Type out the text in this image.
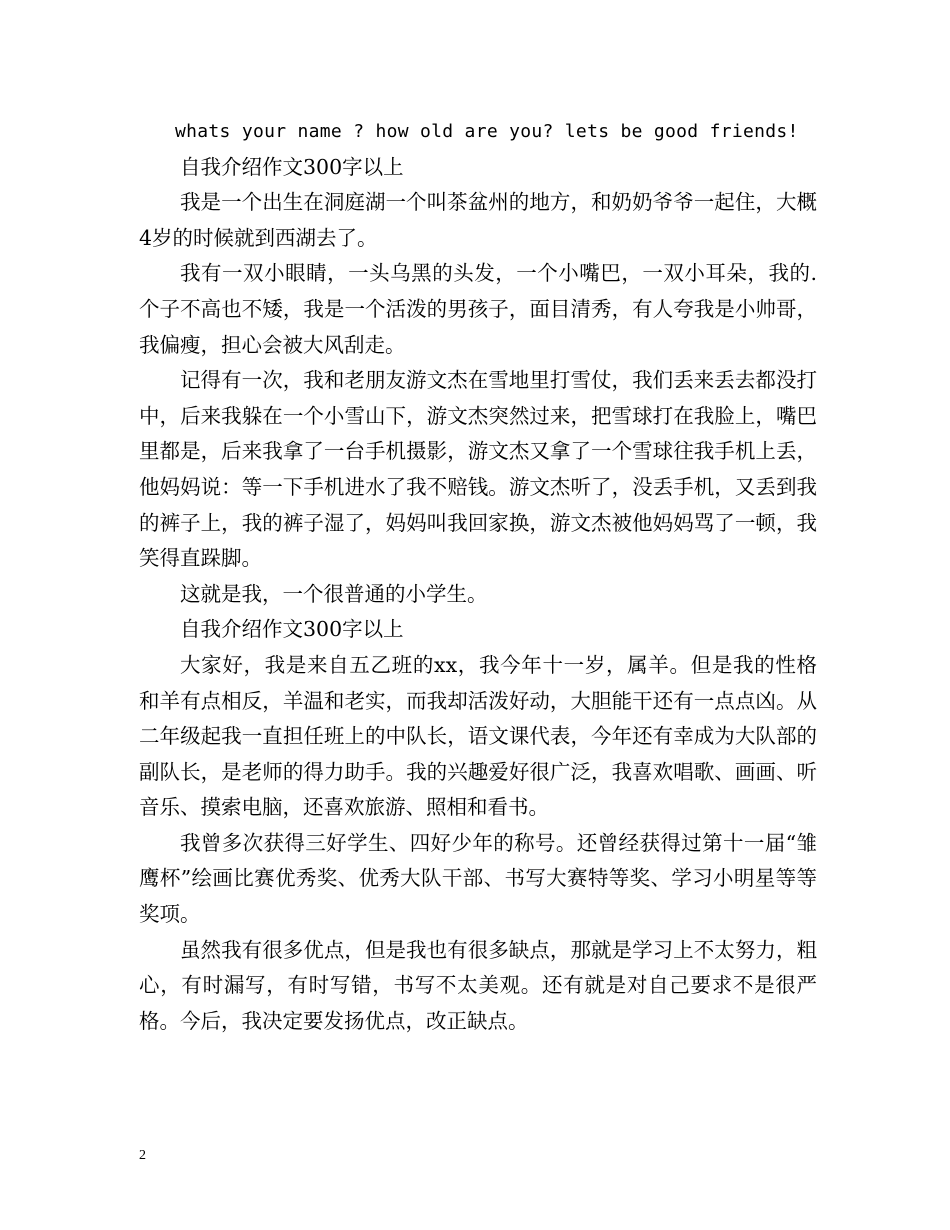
whats your name ? how old are you? lets be good friends!

自我介绍作文300字以上

我是一个出生在洞庭湖一个叫茶盆州的地方，和奶奶爷爷一起住，大概4岁的时候就到西湖去了。

我有一双小眼睛，一头乌黑的头发，一个小嘴巴，一双小耳朵，我的.个子不高也不矮，我是一个活泼的男孩子，面目清秀，有人夸我是小帅哥，我偏瘦，担心会被大风刮走。

记得有一次，我和老朋友游文杰在雪地里打雪仗，我们丢来丢去都没打中，后来我躲在一个小雪山下，游文杰突然过来，把雪球打在我脸上，嘴巴里都是，后来我拿了一台手机摄影，游文杰又拿了一个雪球往我手机上丢，他妈妈说：等一下手机进水了我不赔钱。游文杰听了，没丢手机，又丢到我的裤子上，我的裤子湿了，妈妈叫我回家换，游文杰被他妈妈骂了一顿，我笑得直跺脚。

这就是我，一个很普通的小学生。

自我介绍作文300字以上

大家好，我是来自五乙班的xx，我今年十一岁，属羊。但是我的性格和羊有点相反，羊温和老实，而我却活泼好动，大胆能干还有一点点凶。从二年级起我一直担任班上的中队长，语文课代表，今年还有幸成为大队部的副队长，是老师的得力助手。我的兴趣爱好很广泛，我喜欢唱歌、画画、听音乐、摸索电脑，还喜欢旅游、照相和看书。

我曾多次获得三好学生、四好少年的称号。还曾经获得过第十一届“雏鹰杯”绘画比赛优秀奖、优秀大队干部、书写大赛特等奖、学习小明星等等奖项。

虽然我有很多优点，但是我也有很多缺点，那就是学习上不太努力，粗心，有时漏写，有时写错，书写不太美观。还有就是对自己要求不是很严格。今后，我决定要发扬优点，改正缺点。

2
